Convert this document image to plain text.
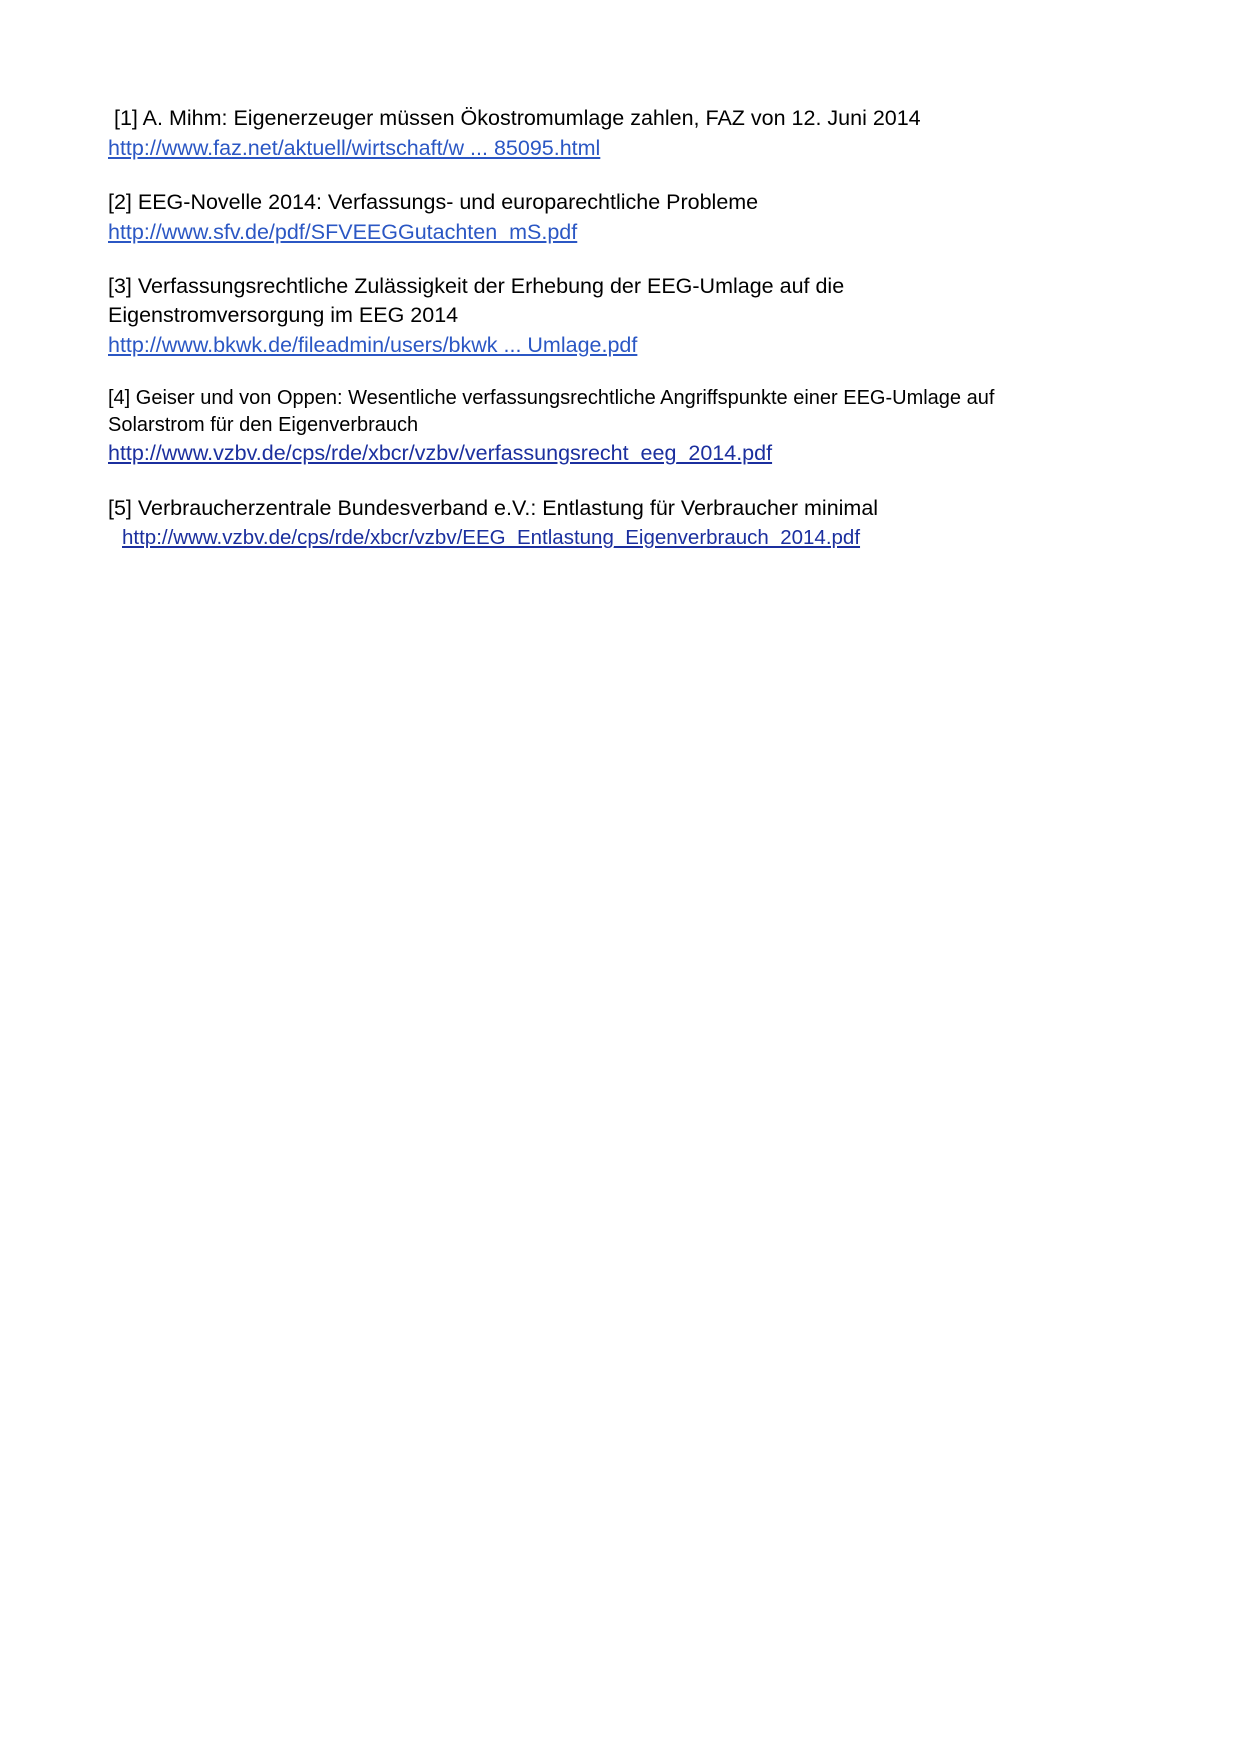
[1] A. Mihm: Eigenerzeuger müssen Ökostromumlage zahlen, FAZ von 12. Juni 2014
http://www.faz.net/aktuell/wirtschaft/w ... 85095.html
[2] EEG-Novelle 2014: Verfassungs- und europarechtliche Probleme
http://www.sfv.de/pdf/SFVEEGGutachten_mS.pdf
[3] Verfassungsrechtliche Zulässigkeit der Erhebung der EEG-Umlage auf die Eigenstromversorgung im EEG 2014
http://www.bkwk.de/fileadmin/users/bkwk ... Umlage.pdf
[4] Geiser und von Oppen: Wesentliche verfassungsrechtliche Angriffspunkte einer EEG-Umlage auf Solarstrom für den Eigenverbrauch
http://www.vzbv.de/cps/rde/xbcr/vzbv/verfassungsrecht_eeg_2014.pdf
[5] Verbraucherzentrale Bundesverband e.V.: Entlastung für Verbraucher minimal
http://www.vzbv.de/cps/rde/xbcr/vzbv/EEG_Entlastung_Eigenverbrauch_2014.pdf
